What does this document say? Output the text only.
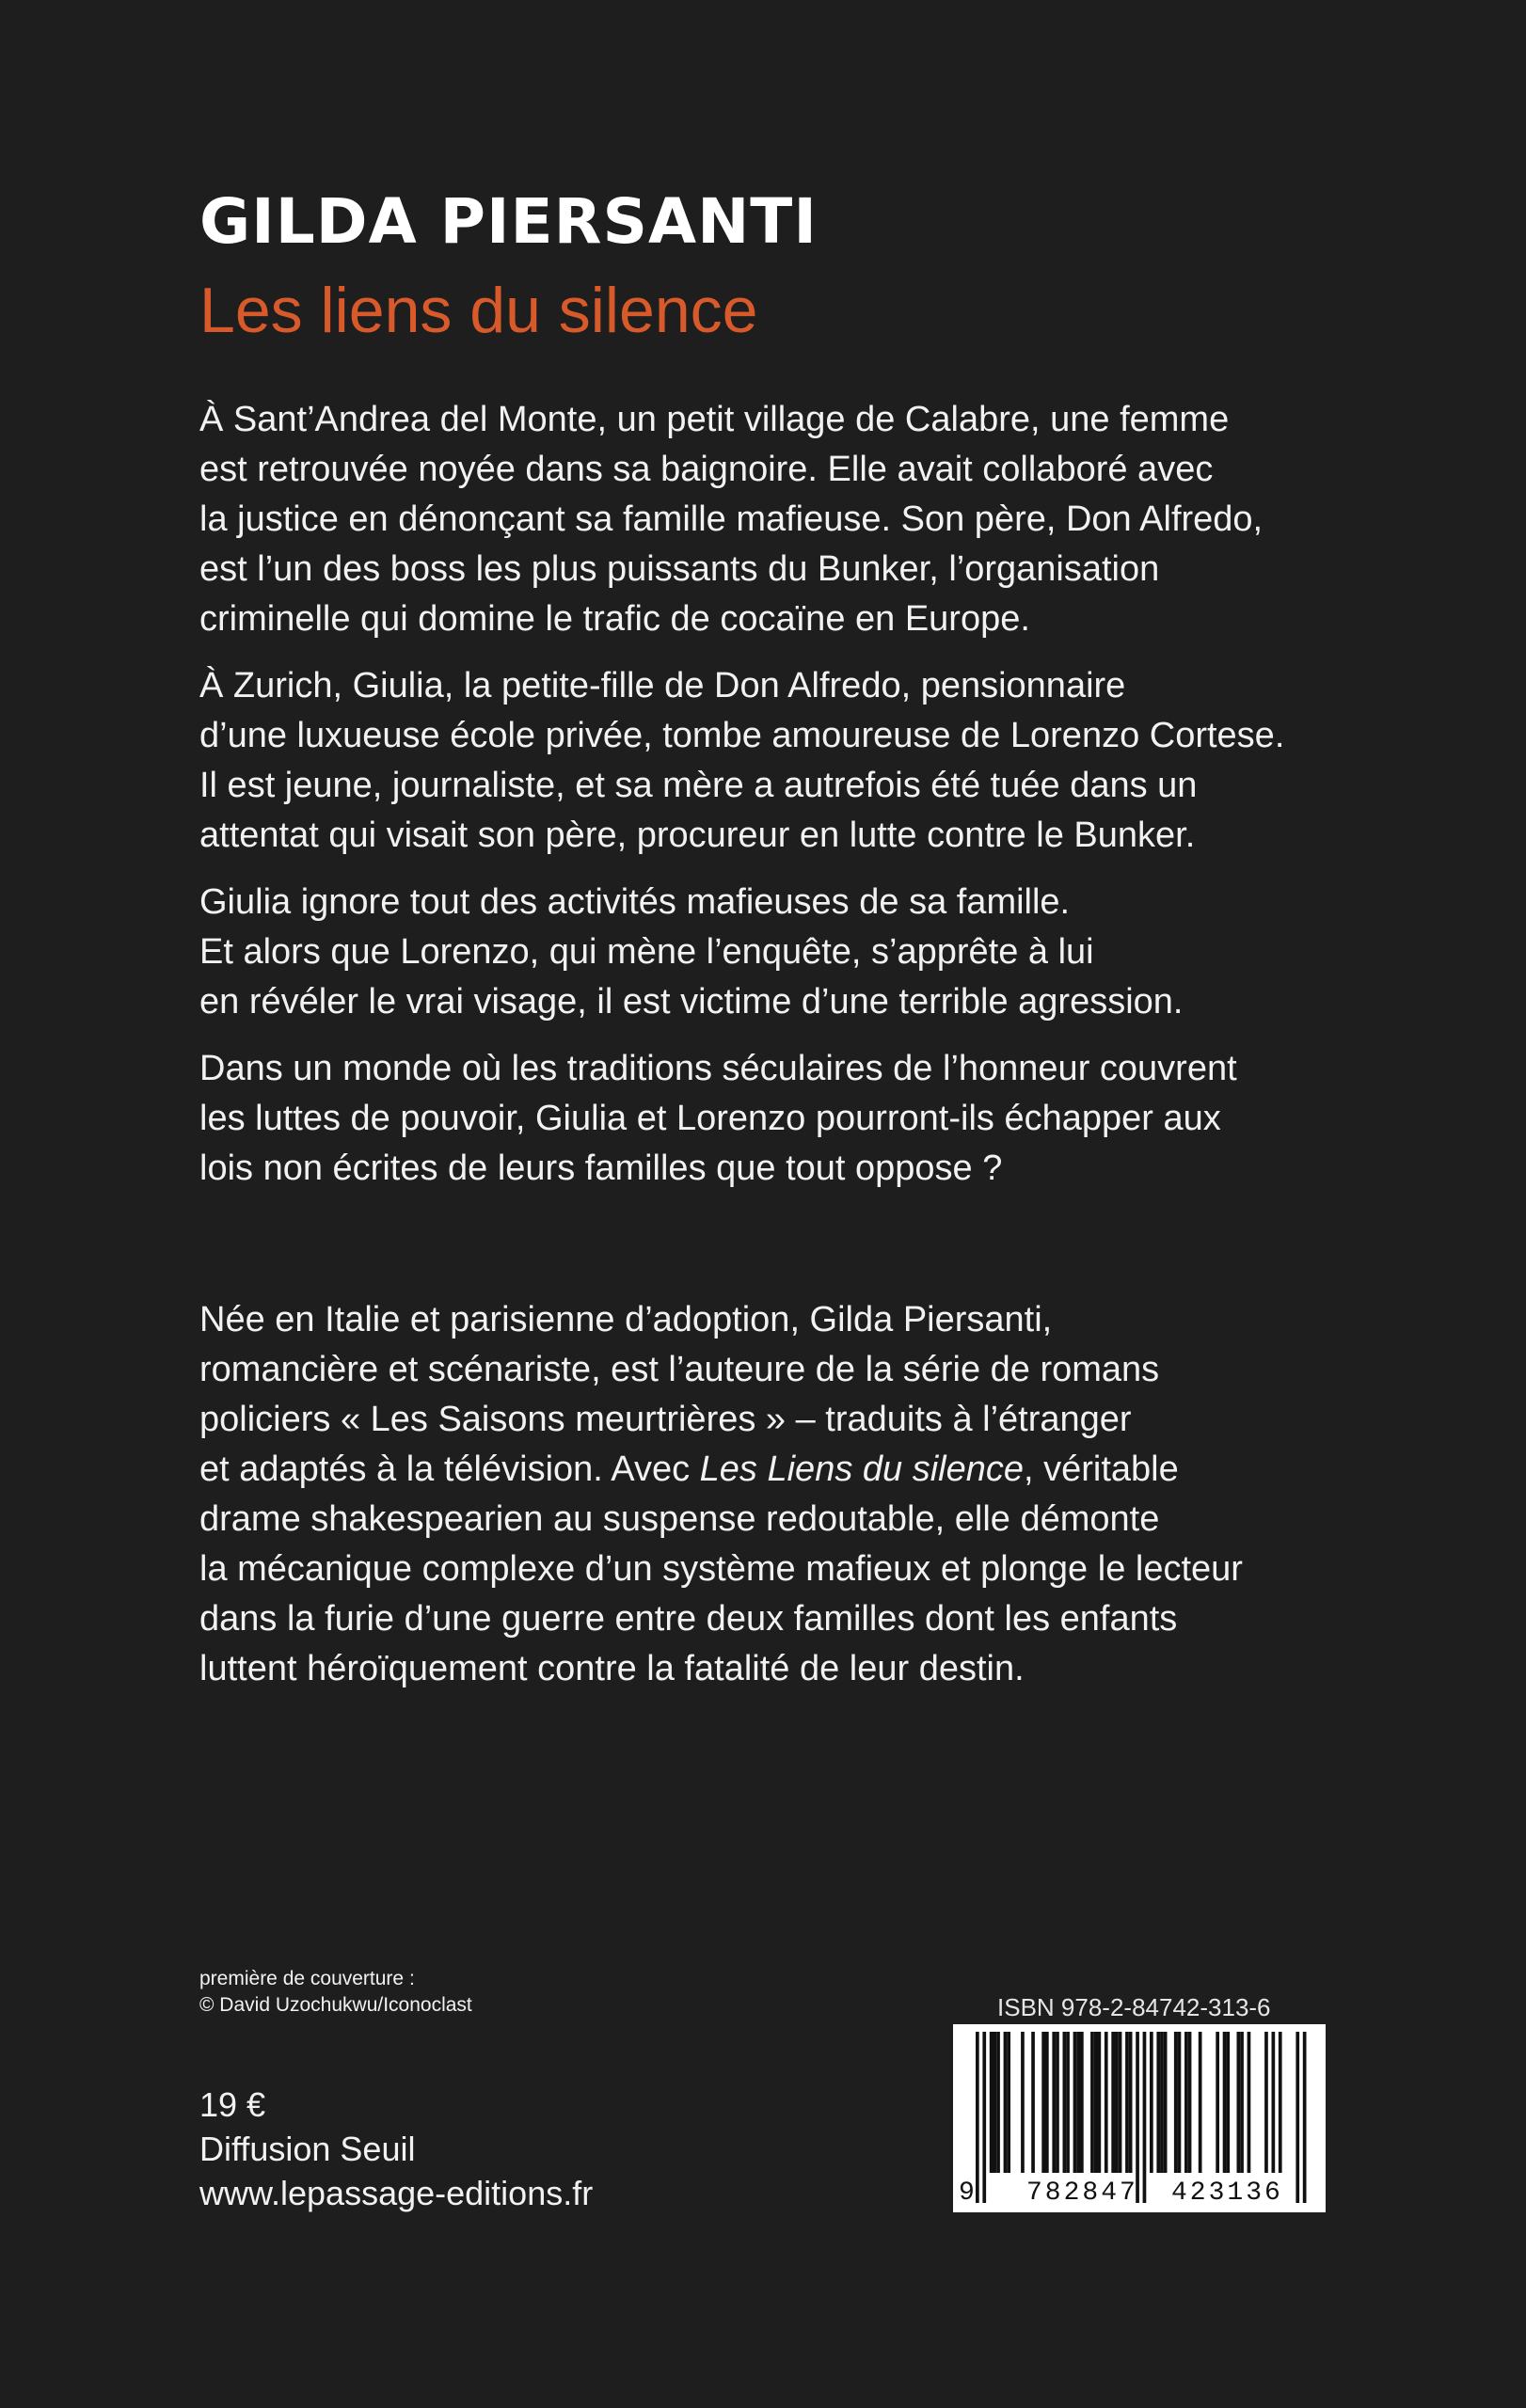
GILDA PIERSANTI
Les liens du silence

À Sant’Andrea del Monte, un petit village de Calabre, une femme
est retrouvée noyée dans sa baignoire. Elle avait collaboré avec
la justice en dénonçant sa famille mafieuse. Son père, Don Alfredo,
est l’un des boss les plus puissants du Bunker, l’organisation
criminelle qui domine le trafic de cocaïne en Europe.

À Zurich, Giulia, la petite-fille de Don Alfredo, pensionnaire
d’une luxueuse école privée, tombe amoureuse de Lorenzo Cortese.
Il est jeune, journaliste, et sa mère a autrefois été tuée dans un
attentat qui visait son père, procureur en lutte contre le Bunker.

Giulia ignore tout des activités mafieuses de sa famille.
Et alors que Lorenzo, qui mène l’enquête, s’apprête à lui
en révéler le vrai visage, il est victime d’une terrible agression.

Dans un monde où les traditions séculaires de l’honneur couvrent
les luttes de pouvoir, Giulia et Lorenzo pourront-ils échapper aux
lois non écrites de leurs familles que tout oppose ?

Née en Italie et parisienne d’adoption, Gilda Piersanti,
romancière et scénariste, est l’auteure de la série de romans
policiers « Les Saisons meurtrières » – traduits à l’étranger
et adaptés à la télévision. Avec Les Liens du silence, véritable
drame shakespearien au suspense redoutable, elle démonte
la mécanique complexe d’un système mafieux et plonge le lecteur
dans la furie d’une guerre entre deux familles dont les enfants
luttent héroïquement contre la fatalité de leur destin.

première de couverture :
© David Uzochukwu/Iconoclast
19 €
Diffusion Seuil
www.lepassage-editions.fr
ISBN 978-2-84742-313-6
9 782847 423136
